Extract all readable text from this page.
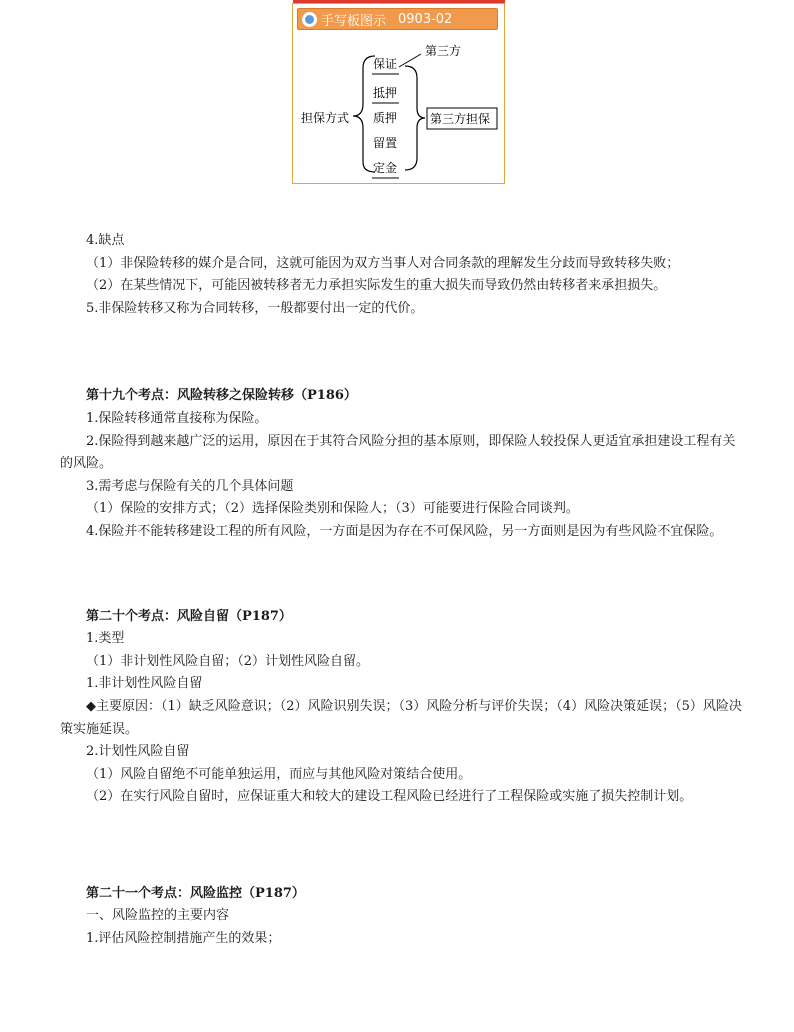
手写板图示 0903-02
担保方式
保证
抵押
质押
留置
定金
第三方
第三方担保

4.缺点

（1）非保险转移的媒介是合同，这就可能因为双方当事人对合同条款的理解发生分歧而导致转移失败；

（2）在某些情况下，可能因被转移者无力承担实际发生的重大损失而导致仍然由转移者来承担损失。

5.非保险转移又称为合同转移，一般都要付出一定的代价。

第十九个考点：风险转移之保险转移（P186）

1.保险转移通常直接称为保险。

2.保险得到越来越广泛的运用，原因在于其符合风险分担的基本原则，即保险人较投保人更适宜承担建设工程有关的风险。

3.需考虑与保险有关的几个具体问题

（1）保险的安排方式；（2）选择保险类别和保险人；（3）可能要进行保险合同谈判。

4.保险并不能转移建设工程的所有风险，一方面是因为存在不可保风险，另一方面则是因为有些风险不宜保险。

第二十个考点：风险自留（P187）

1.类型

（1）非计划性风险自留；（2）计划性风险自留。

1.非计划性风险自留

◆主要原因：（1）缺乏风险意识；（2）风险识别失误；（3）风险分析与评价失误；（4）风险决策延误；（5）风险决策实施延误。

2.计划性风险自留

（1）风险自留绝不可能单独运用，而应与其他风险对策结合使用。

（2）在实行风险自留时，应保证重大和较大的建设工程风险已经进行了工程保险或实施了损失控制计划。

第二十一个考点：风险监控（P187）

一、风险监控的主要内容

1.评估风险控制措施产生的效果；
